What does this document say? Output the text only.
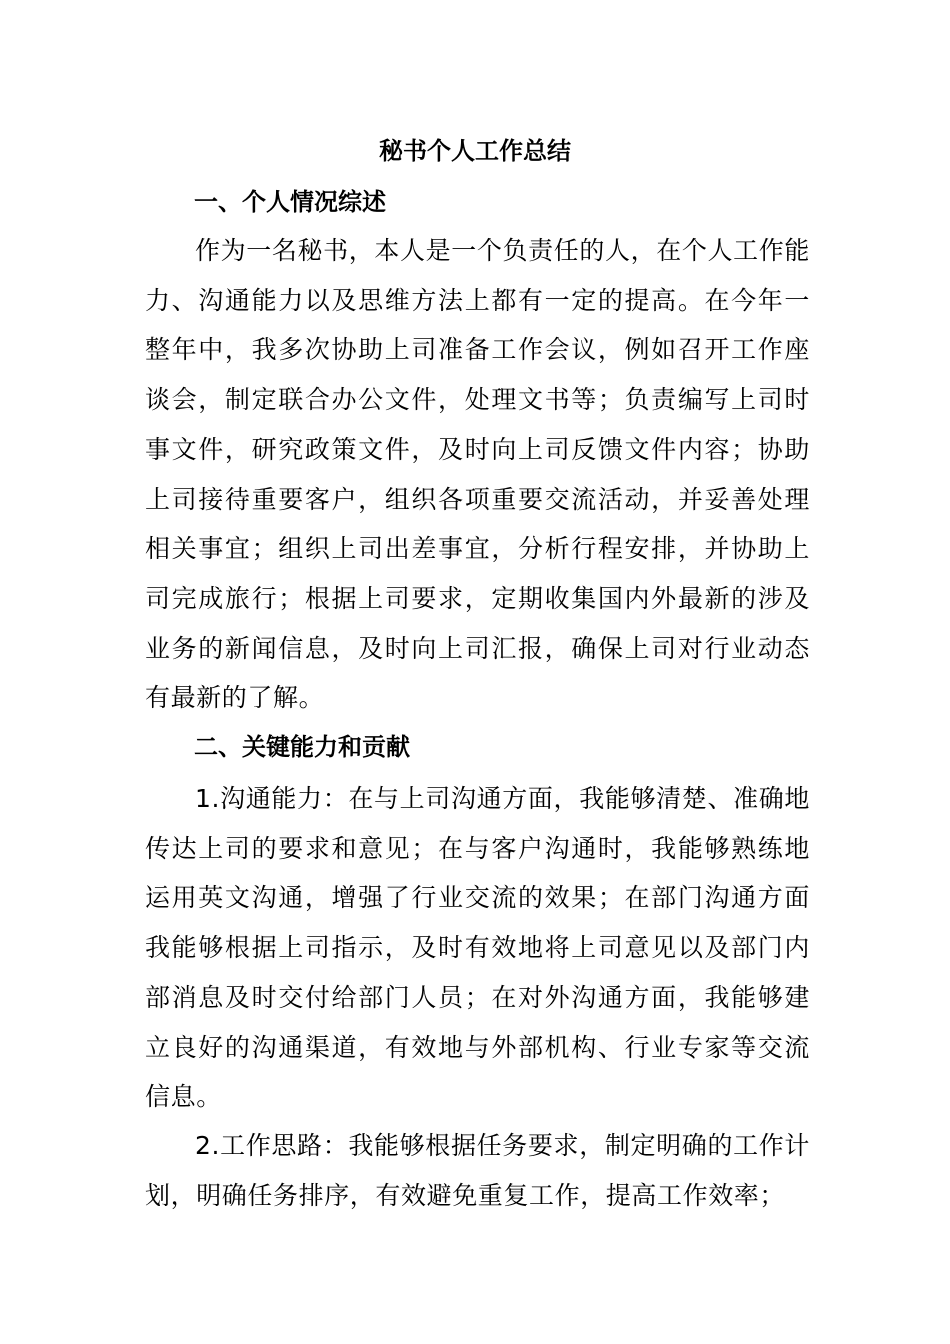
秘书个人工作总结
一、个人情况综述

作为一名秘书，本人是一个负责任的人，在个人工作能力、沟通能力以及思维方法上都有一定的提高。在今年一整年中，我多次协助上司准备工作会议，例如召开工作座谈会，制定联合办公文件，处理文书等；负责编写上司时事文件，研究政策文件，及时向上司反馈文件内容；协助上司接待重要客户，组织各项重要交流活动，并妥善处理相关事宜；组织上司出差事宜，分析行程安排，并协助上司完成旅行；根据上司要求，定期收集国内外最新的涉及业务的新闻信息，及时向上司汇报，确保上司对行业动态有最新的了解。

二、关键能力和贡献

1.沟通能力：在与上司沟通方面，我能够清楚、准确地传达上司的要求和意见；在与客户沟通时，我能够熟练地运用英文沟通，增强了行业交流的效果；在部门沟通方面我能够根据上司指示，及时有效地将上司意见以及部门内部消息及时交付给部门人员；在对外沟通方面，我能够建立良好的沟通渠道，有效地与外部机构、行业专家等交流信息。

2.工作思路：我能够根据任务要求，制定明确的工作计划，明确任务排序，有效避免重复工作，提高工作效率；
